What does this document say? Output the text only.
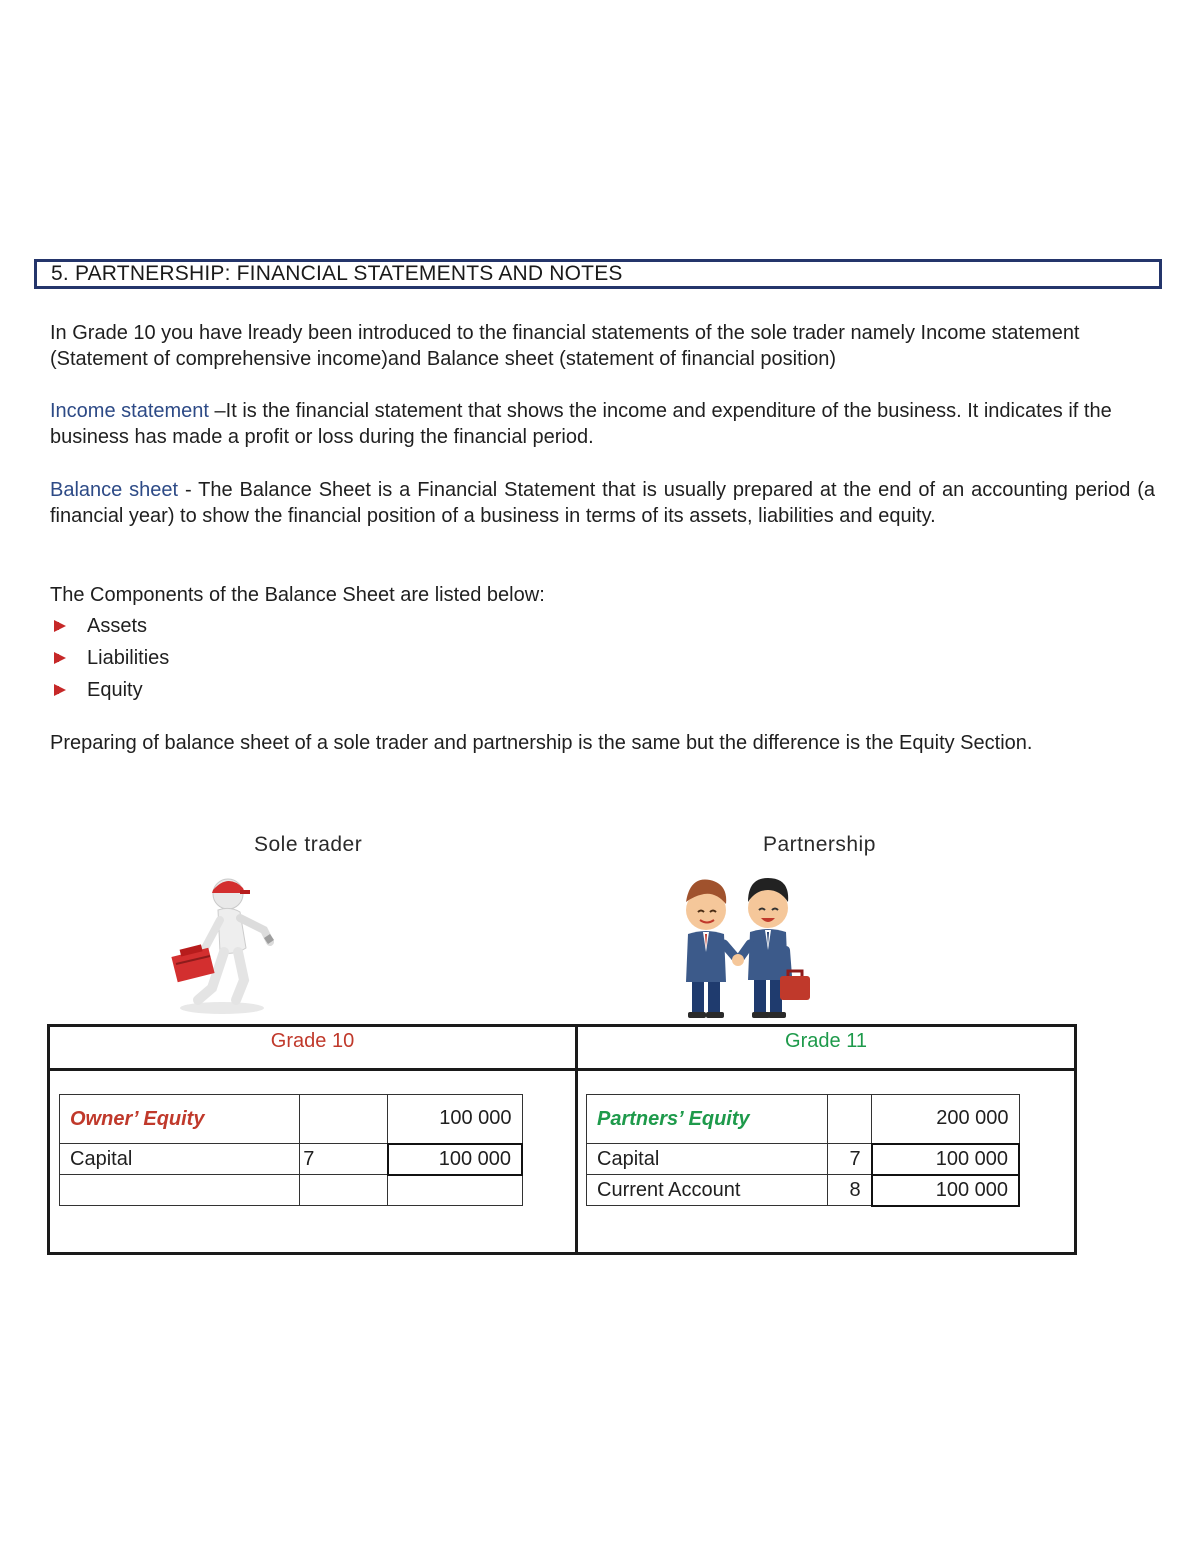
5. PARTNERSHIP: FINANCIAL STATEMENTS AND NOTES

In Grade 10 you have lready been introduced to the financial statements of the sole trader namely Income statement (Statement of comprehensive income)and Balance sheet (statement of financial position)

Income statement –It is the financial statement that shows the income and expenditure of the business. It indicates if the business has made a profit or loss during the financial period.

Balance sheet - The Balance Sheet is a Financial Statement that is usually prepared at the end of an accounting period (a financial year) to show the financial position of a business in terms of its assets, liabilities and equity.

The Components of the Balance Sheet are listed below:

Assets
Liabilities
Equity

Preparing of balance sheet of a sole trader and partnership is the same but the difference is the Equity Section.

Sole trader	Partnership
Grade 10	Grade 11
Owner’ Equity		100 000
Capital	7	100 000

Partners’ Equity		200 000
Capital	7	100 000
Current Account	8	100 000
